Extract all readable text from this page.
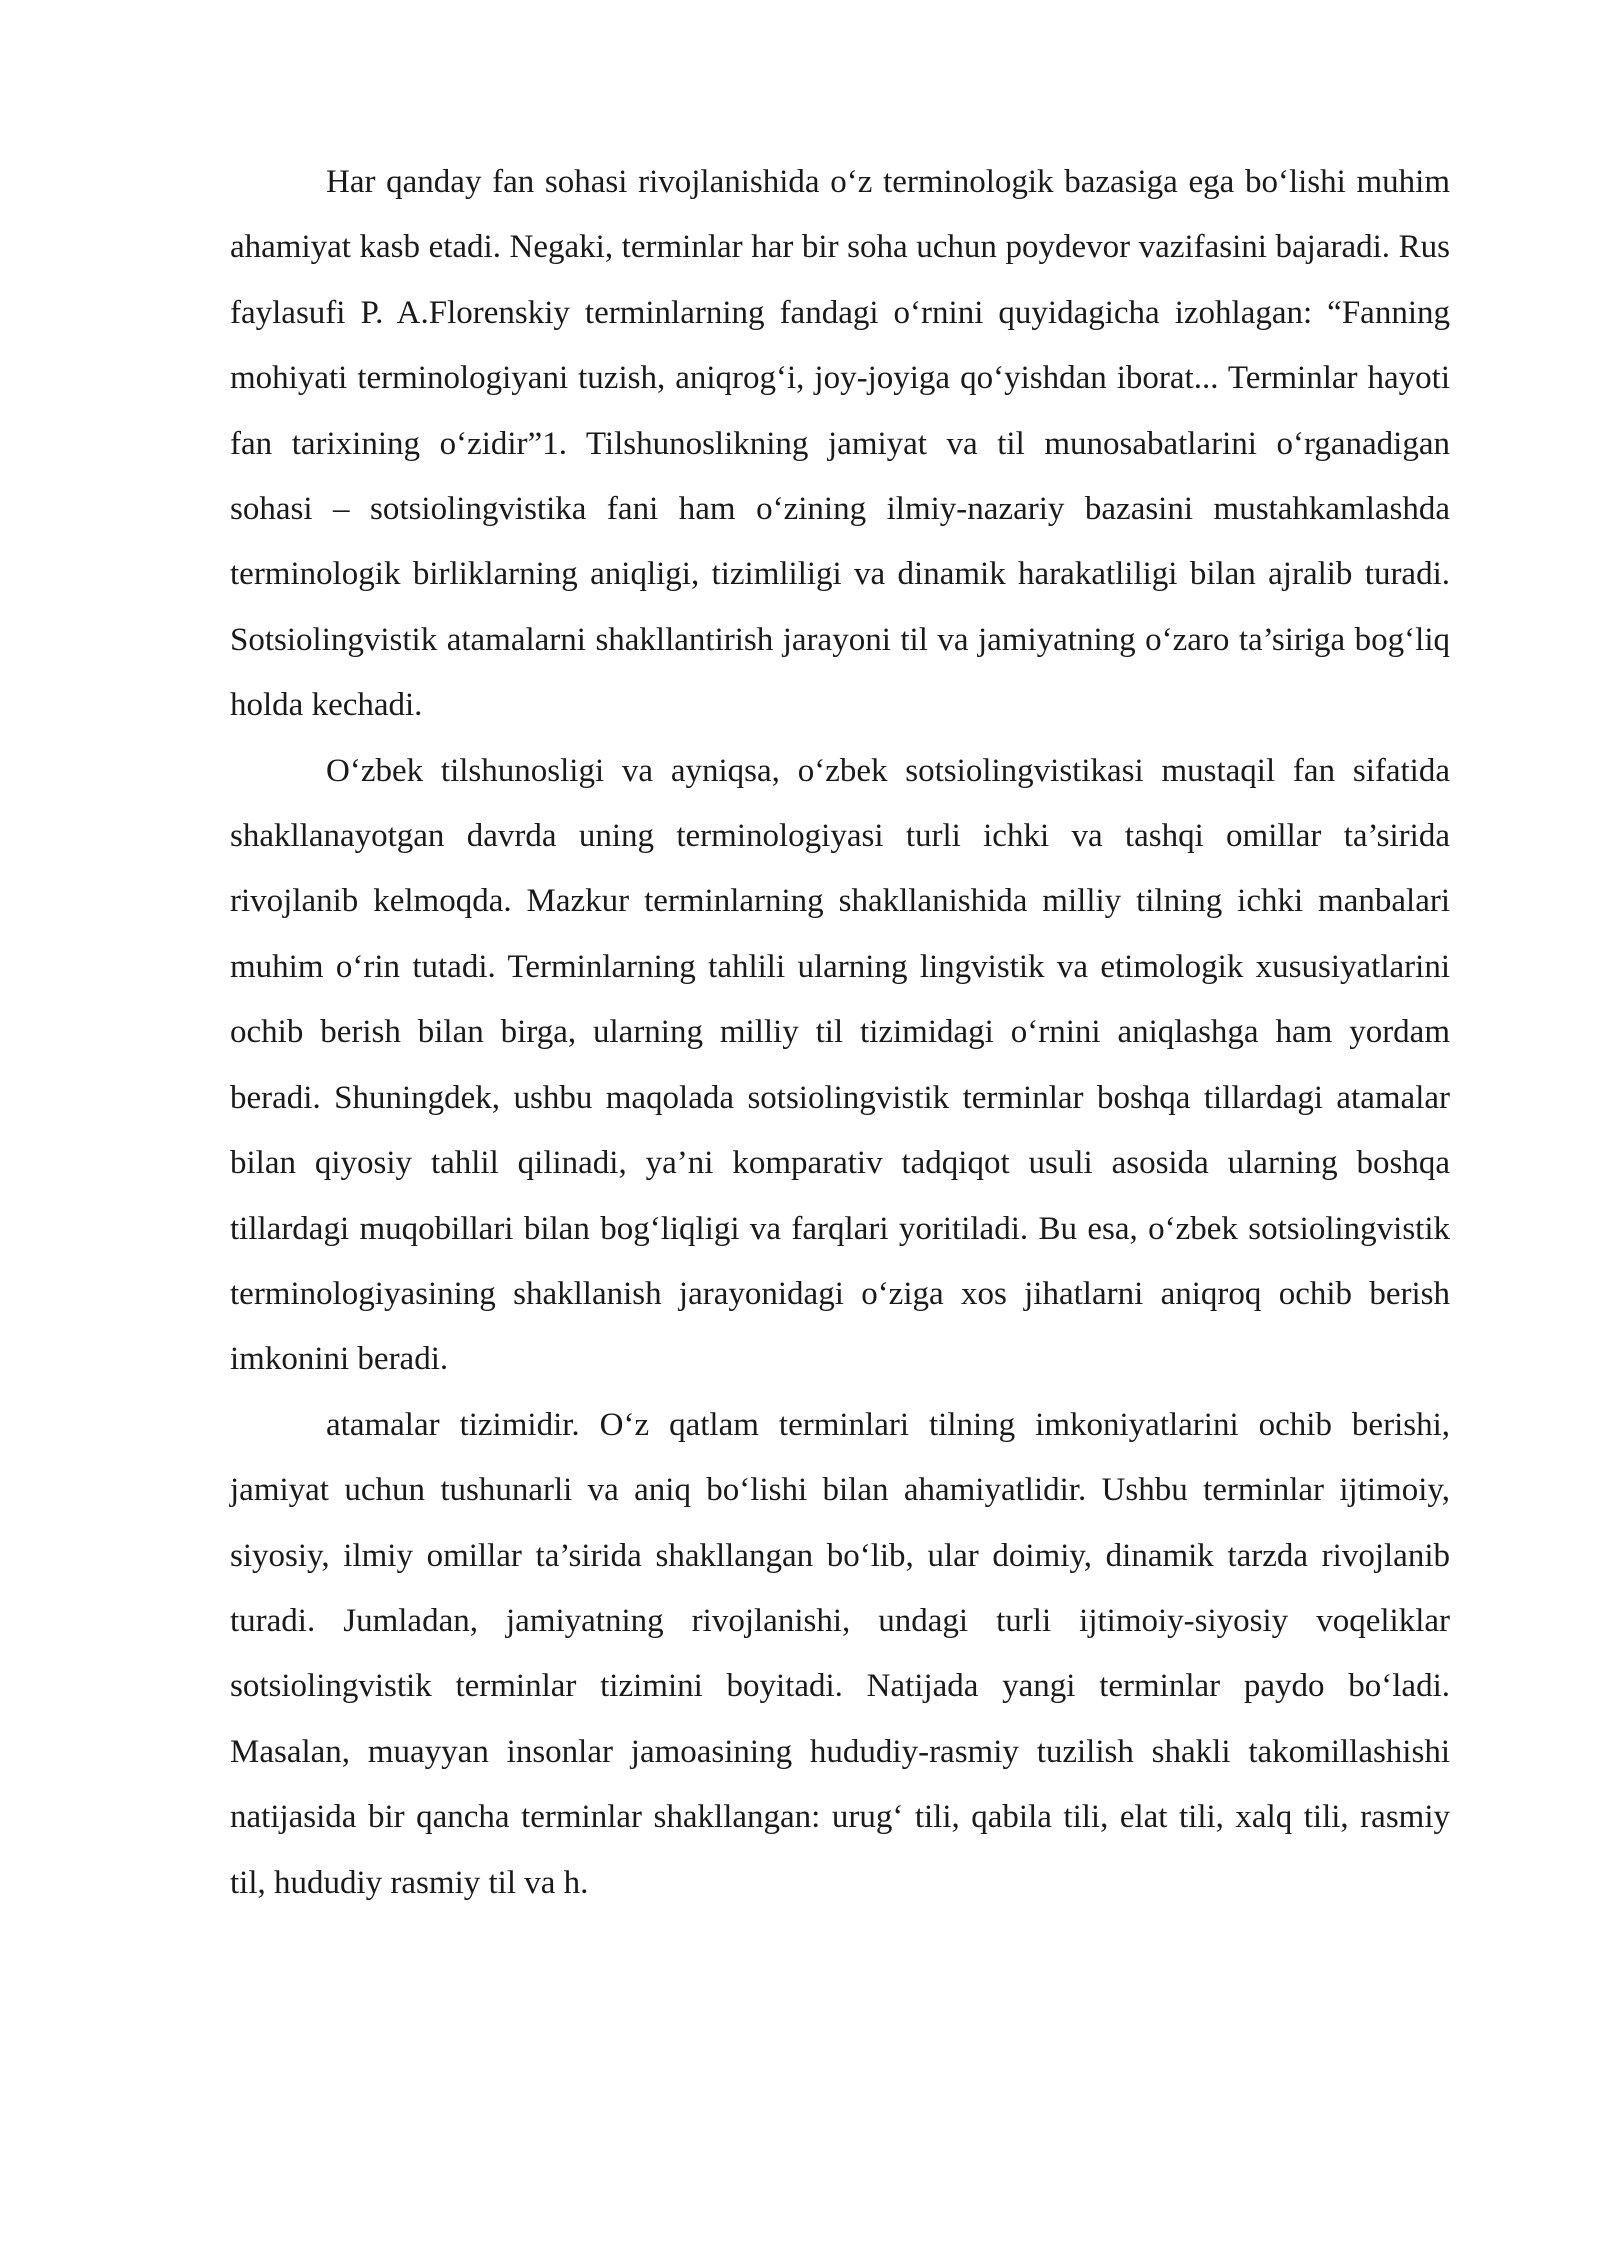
Har qanday fan sohasi rivojlanishida o‘z terminologik bazasiga ega bo‘lishi muhim ahamiyat kasb etadi. Negaki, terminlar har bir soha uchun poydevor vazifasini bajaradi. Rus faylasufi P. A.Florenskiy terminlarning fandagi o‘rnini quyidagicha izohlagan: “Fanning mohiyati terminologiyani tuzish, aniqrog‘i, joy-joyiga qo‘yishdan iborat... Terminlar hayoti fan tarixining o‘zidir”1. Tilshunoslikning jamiyat va til munosabatlarini o‘rganadigan sohasi – sotsiolingvistika fani ham o‘zining ilmiy-nazariy bazasini mustahkamlashda terminologik birliklarning aniqligi, tizimliligi va dinamik harakatliligi bilan ajralib turadi. Sotsiolingvistik atamalarni shakllantirish jarayoni til va jamiyatning o‘zaro ta’siriga bog‘liq holda kechadi.

O‘zbek tilshunosligi va ayniqsa, o‘zbek sotsiolingvistikasi mustaqil fan sifatida shakllanayotgan davrda uning terminologiyasi turli ichki va tashqi omillar ta’sirida rivojlanib kelmoqda. Mazkur terminlarning shakllanishida milliy tilning ichki manbalari muhim o‘rin tutadi. Terminlarning tahlili ularning lingvistik va etimologik xususiyatlarini ochib berish bilan birga, ularning milliy til tizimidagi o‘rnini aniqlashga ham yordam beradi. Shuningdek, ushbu maqolada sotsiolingvistik terminlar boshqa tillardagi atamalar bilan qiyosiy tahlil qilinadi, ya’ni komparativ tadqiqot usuli asosida ularning boshqa tillardagi muqobillari bilan bog‘liqligi va farqlari yoritiladi. Bu esa, o‘zbek sotsiolingvistik terminologiyasining shakllanish jarayonidagi o‘ziga xos jihatlarni aniqroq ochib berish imkonini beradi.

atamalar tizimidir. O‘z qatlam terminlari tilning imkoniyatlarini ochib berishi, jamiyat uchun tushunarli va aniq bo‘lishi bilan ahamiyatlidir. Ushbu terminlar ijtimoiy, siyosiy, ilmiy omillar ta’sirida shakllangan bo‘lib, ular doimiy, dinamik tarzda rivojlanib turadi. Jumladan, jamiyatning rivojlanishi, undagi turli ijtimoiy-siyosiy voqeliklar sotsiolingvistik terminlar tizimini boyitadi. Natijada yangi terminlar paydo bo‘ladi. Masalan, muayyan insonlar jamoasining hududiy-rasmiy tuzilish shakli takomillashishi natijasida bir qancha terminlar shakllangan: urug‘ tili, qabila tili, elat tili, xalq tili, rasmiy til, hududiy rasmiy til va h.
